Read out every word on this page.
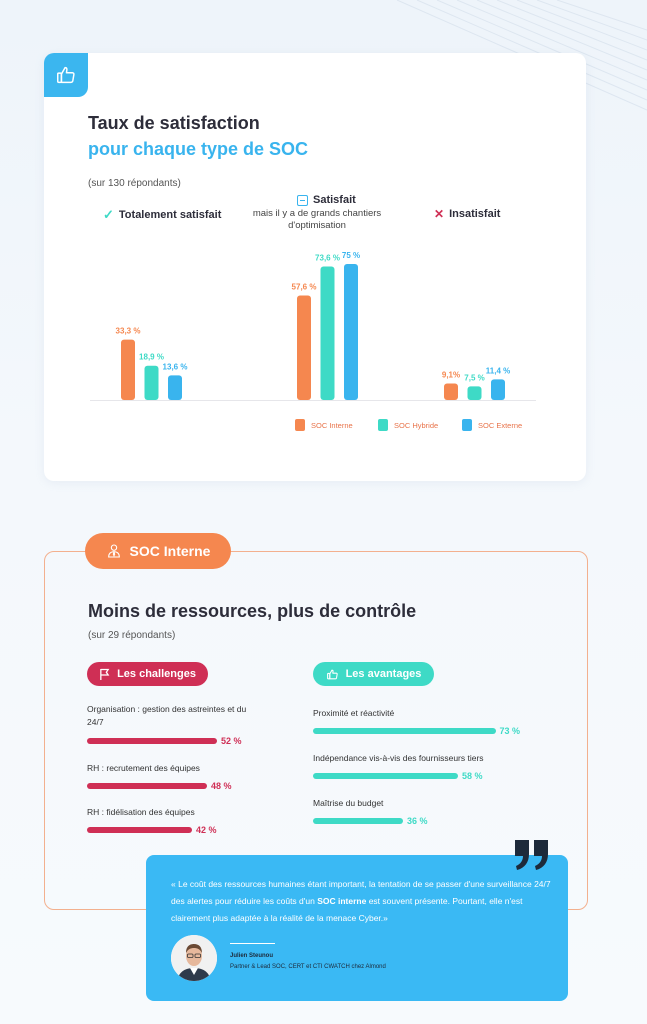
Taux de satisfaction
pour chaque type de SOC
(sur 130 répondants)
✓ Totalement satisfait
Satisfait
mais il y a de grands chantiers d'optimisation
✕ Insatisfait
33,3 %
57,6 %
9,1%
18,9 %
73,6 %
7,5 %
13,6 %
75 %
11,4 %
SOC Interne	SOC Hybride	SOC Externe
SOC Interne
Moins de ressources, plus de contrôle
(sur 29 répondants)
Les challenges	Les avantages
Organisation : gestion des astreintes et du 24/7
52 %
RH : recrutement des équipes
48 %
RH : fidélisation des équipes
42 %
Proximité et réactivité
73 %
Indépendance vis-à-vis des fournisseurs tiers
58 %
Maîtrise du budget
36 %
« Le coût des ressources humaines étant important, la tentation de se passer d'une surveillance 24/7 des alertes pour réduire les coûts d'un SOC interne est souvent présente. Pourtant, elle n'est clairement plus adaptée à la réalité de la menace Cyber.»
Julien Steunou
Partner & Lead SOC, CERT et CTI CWATCH chez Almond
